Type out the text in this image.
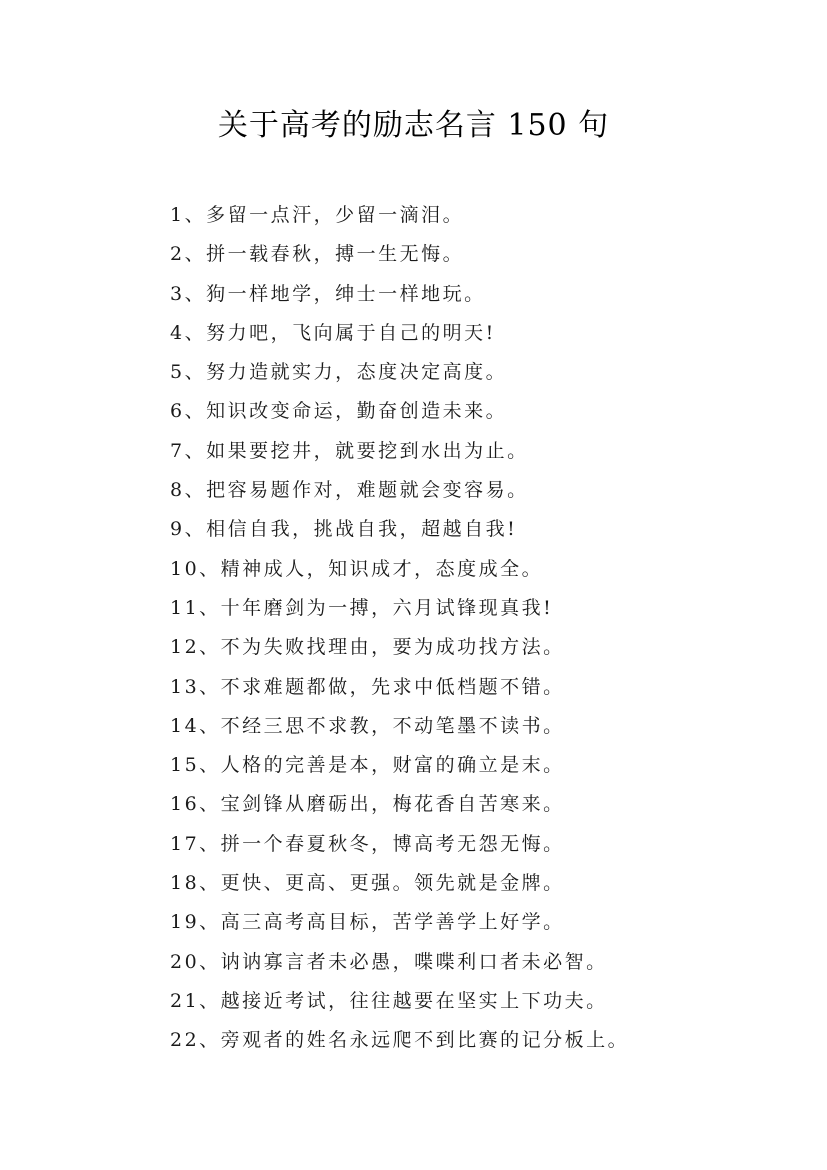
关于高考的励志名言 150 句
1、多留一点汗，少留一滴泪。
2、拼一载春秋，搏一生无悔。
3、狗一样地学，绅士一样地玩。
4、努力吧，飞向属于自己的明天!
5、努力造就实力，态度决定高度。
6、知识改变命运，勤奋创造未来。
7、如果要挖井，就要挖到水出为止。
8、把容易题作对，难题就会变容易。
9、相信自我，挑战自我，超越自我!
10、精神成人，知识成才，态度成全。
11、十年磨剑为一搏，六月试锋现真我!
12、不为失败找理由，要为成功找方法。
13、不求难题都做，先求中低档题不错。
14、不经三思不求教，不动笔墨不读书。
15、人格的完善是本，财富的确立是末。
16、宝剑锋从磨砺出，梅花香自苦寒来。
17、拼一个春夏秋冬，博高考无怨无悔。
18、更快、更高、更强。领先就是金牌。
19、高三高考高目标，苦学善学上好学。
20、讷讷寡言者未必愚，喋喋利口者未必智。
21、越接近考试，往往越要在坚实上下功夫。
22、旁观者的姓名永远爬不到比赛的记分板上。
